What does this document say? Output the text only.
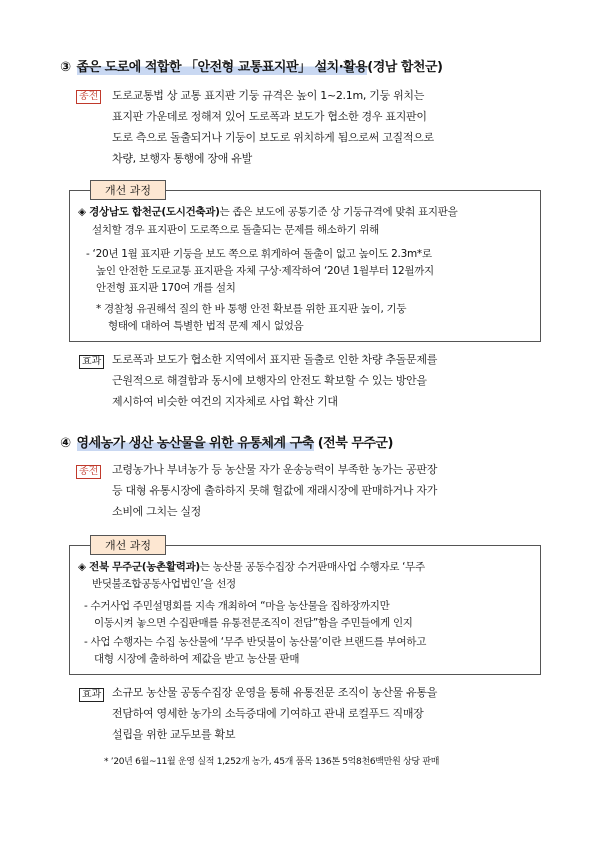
③ 좁은 도로에 적합한 「안전형 교통표지판」 설치·활용(경남 합천군)
종전 도로교통법 상 교통 표지판 기둥 규격은 높이 1~2.1m, 기둥 위치는
표지판 가운데로 정해져 있어 도로폭과 보도가 협소한 경우 표지판이
도로 측으로 돌출되거나 기둥이 보도로 위치하게 됨으로써 고질적으로
차량, 보행자 통행에 장애 유발
개선 과정
◈ 경상남도 합천군(도시건축과)는 좁은 보도에 공통기준 상 기둥규격에 맞춰 표지판을
설치할 경우 표지판이 도로쪽으로 돌출되는 문제를 해소하기 위해
- ‘20년 1월 표지판 기둥을 보도 쪽으로 휘게하여 돌출이 없고 높이도 2.3m*로
높인 안전한 도로교통 표지판을 자체 구상·제작하여 ‘20년 1월부터 12월까지
안전형 표지판 170여 개를 설치
* 경찰청 유권해석 질의 한 바 통행 안전 확보를 위한 표지판 높이, 기둥
형태에 대하여 특별한 법적 문제 제시 없었음
효과 도로폭과 보도가 협소한 지역에서 표지판 돌출로 인한 차량 추돌문제를
근원적으로 해결함과 동시에 보행자의 안전도 확보할 수 있는 방안을
제시하여 비슷한 여건의 지자체로 사업 확산 기대
④ 영세농가 생산 농산물을 위한 유통체계 구축 (전북 무주군)
종전 고령농가나 부녀농가 등 농산물 자가 운송능력이 부족한 농가는 공판장
등 대형 유통시장에 출하하지 못해 헐값에 재래시장에 판매하거나 자가
소비에 그치는 실정
개선 과정
◈ 전북 무주군(농촌활력과)는 농산물 공동수집장 수거판매사업 수행자로 ‘무주
반딧불조합공동사업법인’을 선정
- 수거사업 주민설명회를 지속 개최하여 “마을 농산물을 집하장까지만
이동시켜 놓으면 수집판매를 유통전문조직이 전담”함을 주민들에게 인지
- 사업 수행자는 수집 농산물에 ‘무주 반딧불이 농산물’이란 브랜드를 부여하고
대형 시장에 출하하여 제값을 받고 농산물 판매
효과 소규모 농산물 공동수집장 운영을 통해 유통전문 조직이 농산물 유통을
전담하여 영세한 농가의 소득증대에 기여하고 관내 로컬푸드 직매장
설립을 위한 교두보를 확보
* ’20년 6월~11월 운영 실적 1,252개 농가, 45개 품목 136톤 5억8천6백만원 상당 판매
